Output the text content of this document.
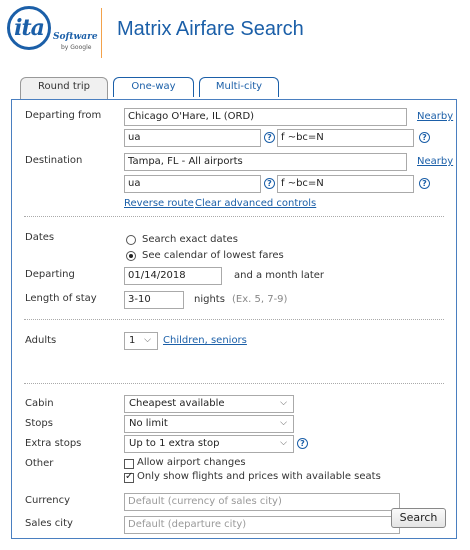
ita	Software
by Google
Matrix Airfare Search
Round trip	One-way	Multi-city
Departing from	Chicago O'Hare, IL (ORD)	Nearby
ua	? f ~bc=N	?
Destination	Tampa, FL - All airports	Nearby
ua	? f ~bc=N	?
Reverse route Clear advanced controls
Dates	Search exact dates
See calendar of lowest fares
Departing	01/14/2018	and a month later
Length of stay	3-10	nights (Ex. 5, 7-9)
Adults	1 ⌵ Children, seniors
Cabin	Cheapest available	⌵
Stops	No limit	⌵
Extra stops	Up to 1 extra stop	⌵	?
Other	Allow airport changes
✓ Only show flights and prices with available seats
Currency	Default (currency of sales city)
Sales city	Default (departure city)
Search
